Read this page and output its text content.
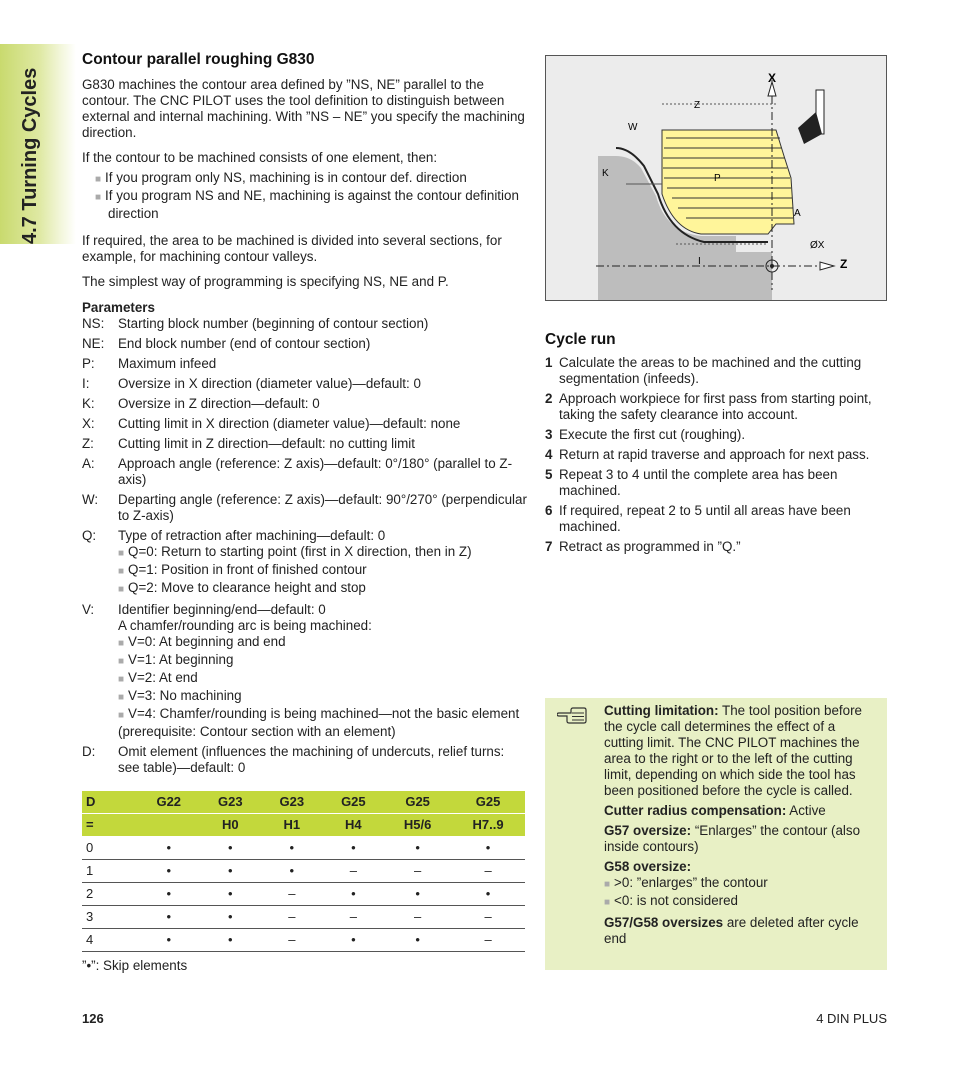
4.7 Turning Cycles
Contour parallel roughing G830

G830 machines the contour area defined by ”NS, NE” parallel to the contour. The CNC PILOT uses the tool definition to distinguish between external and internal machining. With ”NS – NE” you specify the machining direction.

If the contour to be machined consists of one element, then:

■ If you program only NS, machining is in contour def. direction
■ If you program NS and NE, machining is against the contour definition direction

If required, the area to be machined is divided into several sections, for example, for machining contour valleys.

The simplest way of programming is specifying NS, NE and P.

Parameters
NS:	Starting block number (beginning of contour section)
NE:	End block number (end of contour section)
P:	Maximum infeed
I:	Oversize in X direction (diameter value)—default: 0
K:	Oversize in Z direction—default: 0
X:	Cutting limit in X direction (diameter value)—default: none
Z:	Cutting limit in Z direction—default: no cutting limit
A:	Approach angle (reference: Z axis)—default: 0°/180° (parallel to Z-axis)
W:	Departing angle (reference: Z axis)—default: 90°/270° (perpendicular to Z-axis)
Q:	Type of retraction after machining—default: 0
■ Q=0: Return to starting point (first in X direction, then in Z)
■ Q=1: Position in front of finished contour
■ Q=2: Move to clearance height and stop
V:	Identifier beginning/end—default: 0
A chamfer/rounding arc is being machined:
■ V=0: At beginning and end
■ V=1: At beginning
■ V=2: At end
■ V=3: No machining
■ V=4: Chamfer/rounding is being machined—not the basic element (prerequisite: Contour section with an element)
D:	Omit element (influences the machining of undercuts, relief turns: see table)—default: 0
D	G22	G23	G23	G25	G25	G25
=		H0	H1	H4	H5/6	H7..9
0	•	•	•	•	•	•
1	•	•	•	–	–	–
2	•	•	–	•	•	•
3	•	•	–	–	–	–
4	•	•	–	•	•	–
”•”: Skip elements
X
Z
Z
W
K	P
A
ØX
I
Cycle run
1 Calculate the areas to be machined and the cutting segmentation (infeeds).
2 Approach workpiece for first pass from starting point, taking the safety clearance into account.
3 Execute the first cut (roughing).
4 Return at rapid traverse and approach for next pass.
5 Repeat 3 to 4 until the complete area has been machined.
6 If required, repeat 2 to 5 until all areas have been machined.
7 Retract as programmed in ”Q.”

Cutting limitation: The tool position before the cycle call determines the effect of a cutting limit. The CNC PILOT machines the area to the right or to the left of the cutting limit, depending on which side the tool has been positioned before the cycle is called.

Cutter radius compensation: Active

G57 oversize: “Enlarges” the contour (also inside contours)

G58 oversize:

■ >0: ”enlarges” the contour
■ <0: is not considered

G57/G58 oversizes are deleted after cycle end

126	4 DIN PLUS
